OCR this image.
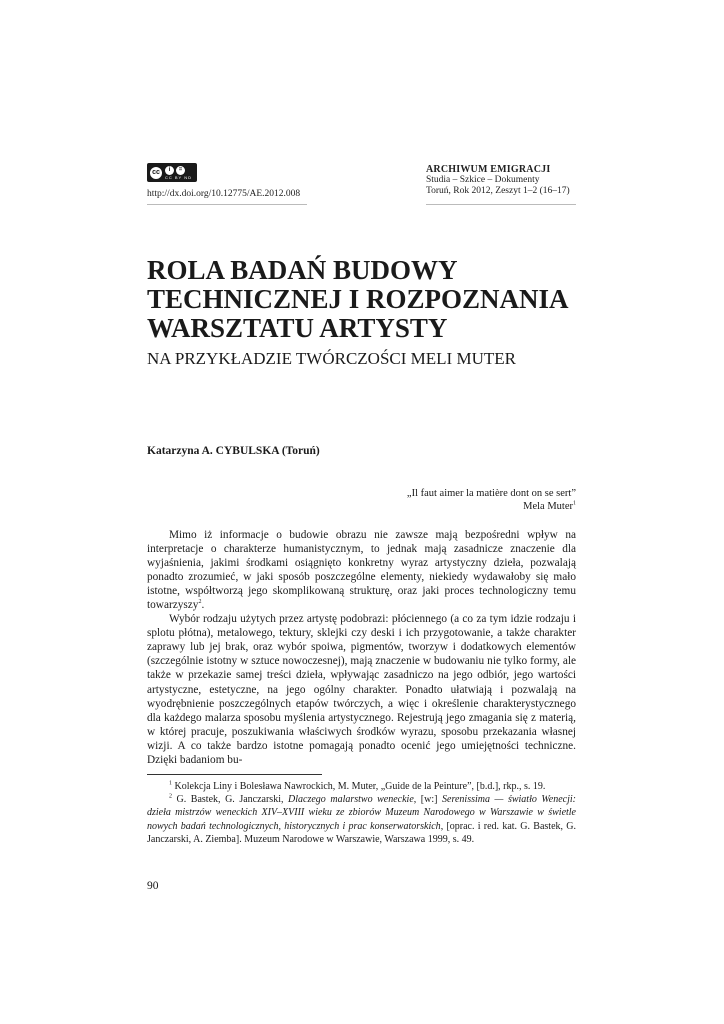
cc	i	=
CC BY ND
http://dx.doi.org/10.12775/AE.2012.008
ARCHIWUM EMIGRACJI
Studia – Szkice – Dokumenty
Toruń, Rok 2012, Zeszyt 1–2 (16–17)
ROLA BADAŃ BUDOWY
TECHNICZNEJ I ROZPOZNANIA
WARSZTATU ARTYSTY
NA PRZYKŁADZIE TWÓRCZOŚCI MELI MUTER
Katarzyna A. CYBULSKA (Toruń)
„Il faut aimer la matière dont on se sert”
Mela Muter$^1$

Mimo iż informacje o budowie obrazu nie zawsze mają bezpośredni wpływ na interpretacje o charakterze humanistycznym, to jednak mają zasadnicze znaczenie dla wyjaśnienia, jakimi środkami osiągnięto konkretny wyraz artystyczny dzieła, pozwalają ponadto zrozumieć, w jaki sposób poszczególne elementy, niekiedy wydawałoby się mało istotne, współtworzą jego skomplikowaną strukturę, oraz jaki proces technologiczny temu towarzyszy$^2$.

Wybór rodzaju użytych przez artystę podobrazi: płóciennego (a co za tym idzie rodzaju i splotu płótna), metalowego, tektury, sklejki czy deski i ich przygotowanie, a także charakter zaprawy lub jej brak, oraz wybór spoiwa, pigmentów, tworzyw i dodatkowych elementów (szczególnie istotny w sztuce nowoczesnej), mają znaczenie w budowaniu nie tylko formy, ale także w przekazie samej treści dzieła, wpływając zasadniczo na jego odbiór, jego wartości artystyczne, estetyczne, na jego ogólny charakter. Ponadto ułatwiają i pozwalają na wyodrębnienie poszczególnych etapów twórczych, a więc i określenie charakterystycznego dla każdego malarza sposobu myślenia artystycznego. Rejestrują jego zmagania się z materią, w której pracuje, poszukiwania właściwych środków wyrazu, sposobu przekazania własnej wizji. A co także bardzo istotne pomagają ponadto ocenić jego umiejętności techniczne. Dzięki badaniom bu-

$^1$ Kolekcja Liny i Bolesława Nawrockich, M. Muter, „Guide de la Peinture”, [b.d.], rkp., s. 19.

$^2$ G. Bastek, G. Janczarski, Dlaczego malarstwo weneckie, [w:] Serenissima — światło Wenecji: dzieła mistrzów weneckich XIV–XVIII wieku ze zbiorów Muzeum Narodowego w Warszawie w świetle nowych badań technologicznych, historycznych i prac konserwatorskich, [oprac. i red. kat. G. Bastek, G. Janczarski, A. Ziemba]. Muzeum Narodowe w Warszawie, Warszawa 1999, s. 49.

90
